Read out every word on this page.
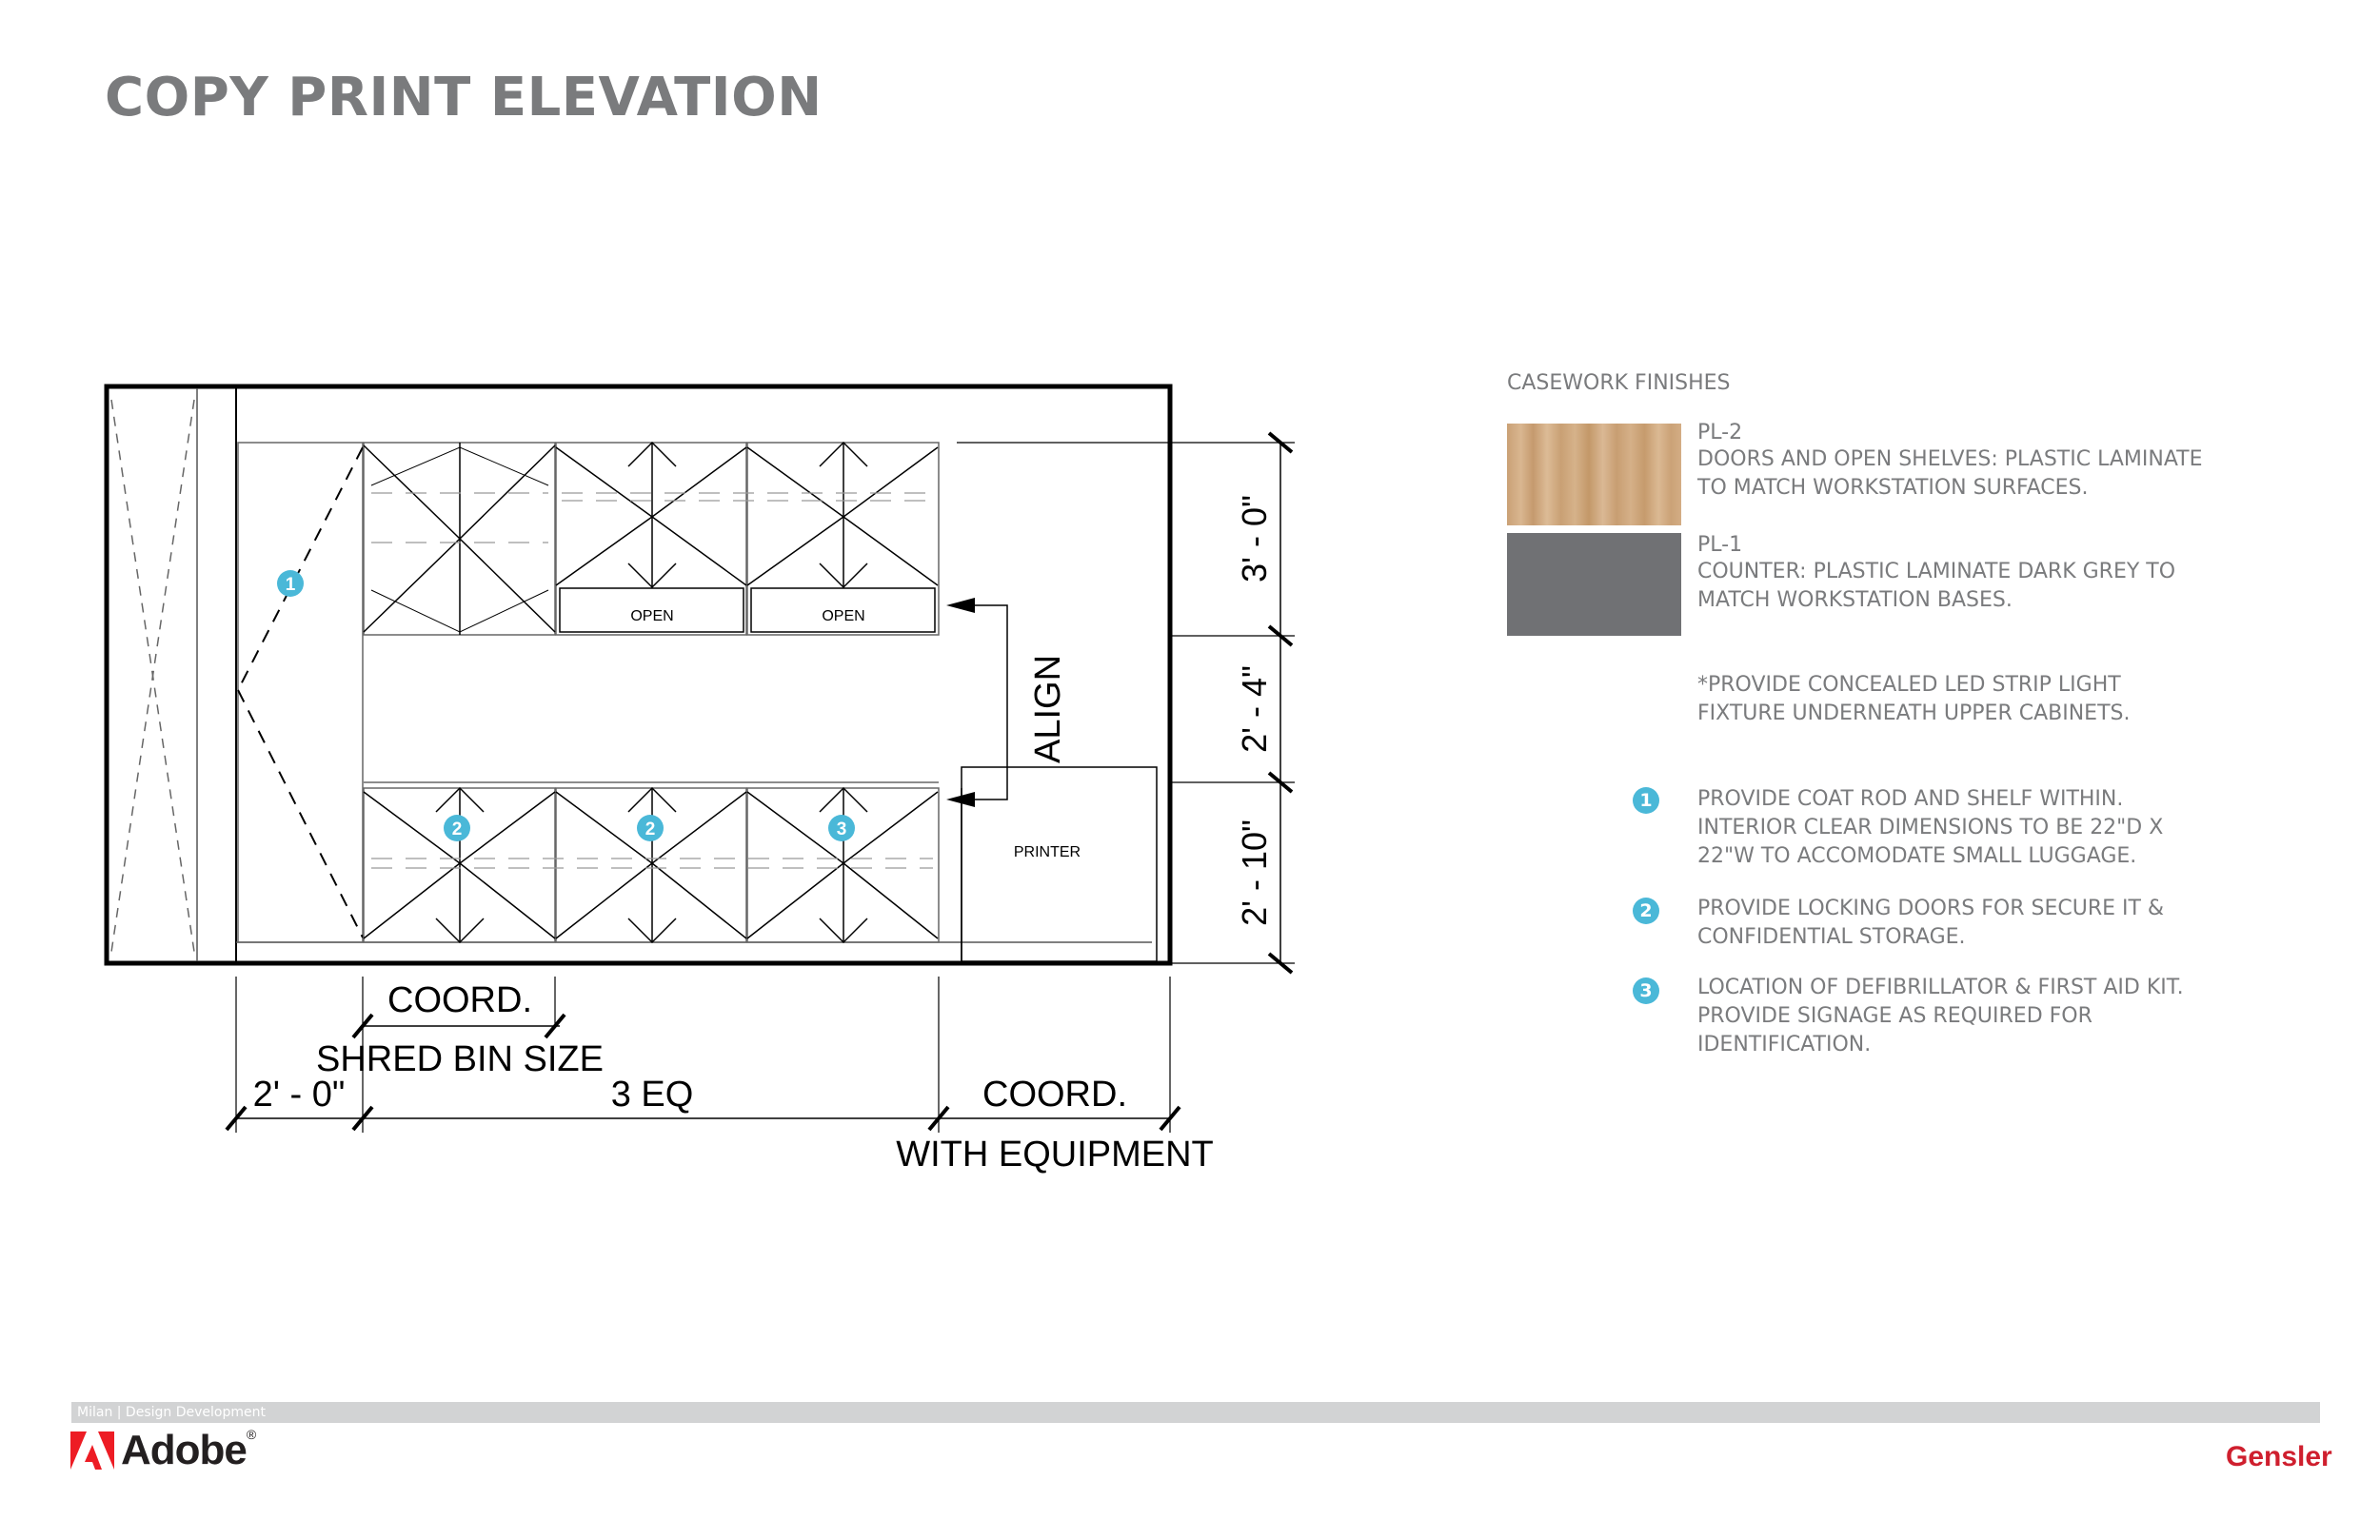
COPY PRINT ELEVATION
OPEN	OPEN
PRINTER
ALIGN
3' - 0"
2' - 4"
2' - 10"
COORD.
SHRED BIN SIZE
2' - 0"	3 EQ	COORD.
WITH EQUIPMENT
1
2	2	3
CASEWORK FINISHES
PL-2
DOORS AND OPEN SHELVES: PLASTIC LAMINATE
TO MATCH WORKSTATION SURFACES.
PL-1
COUNTER: PLASTIC LAMINATE DARK GREY TO
MATCH WORKSTATION BASES.
*PROVIDE CONCEALED LED STRIP LIGHT
FIXTURE UNDERNEATH UPPER CABINETS.
1	PROVIDE COAT ROD AND SHELF WITHIN.
INTERIOR CLEAR DIMENSIONS TO BE 22"D X
22"W TO ACCOMODATE SMALL LUGGAGE.
2	PROVIDE LOCKING DOORS FOR SECURE IT &
CONFIDENTIAL STORAGE.
3	LOCATION OF DEFIBRILLATOR & FIRST AID KIT.
PROVIDE SIGNAGE AS REQUIRED FOR
IDENTIFICATION.
Milan | Design Development
Adobe®
Gensler
